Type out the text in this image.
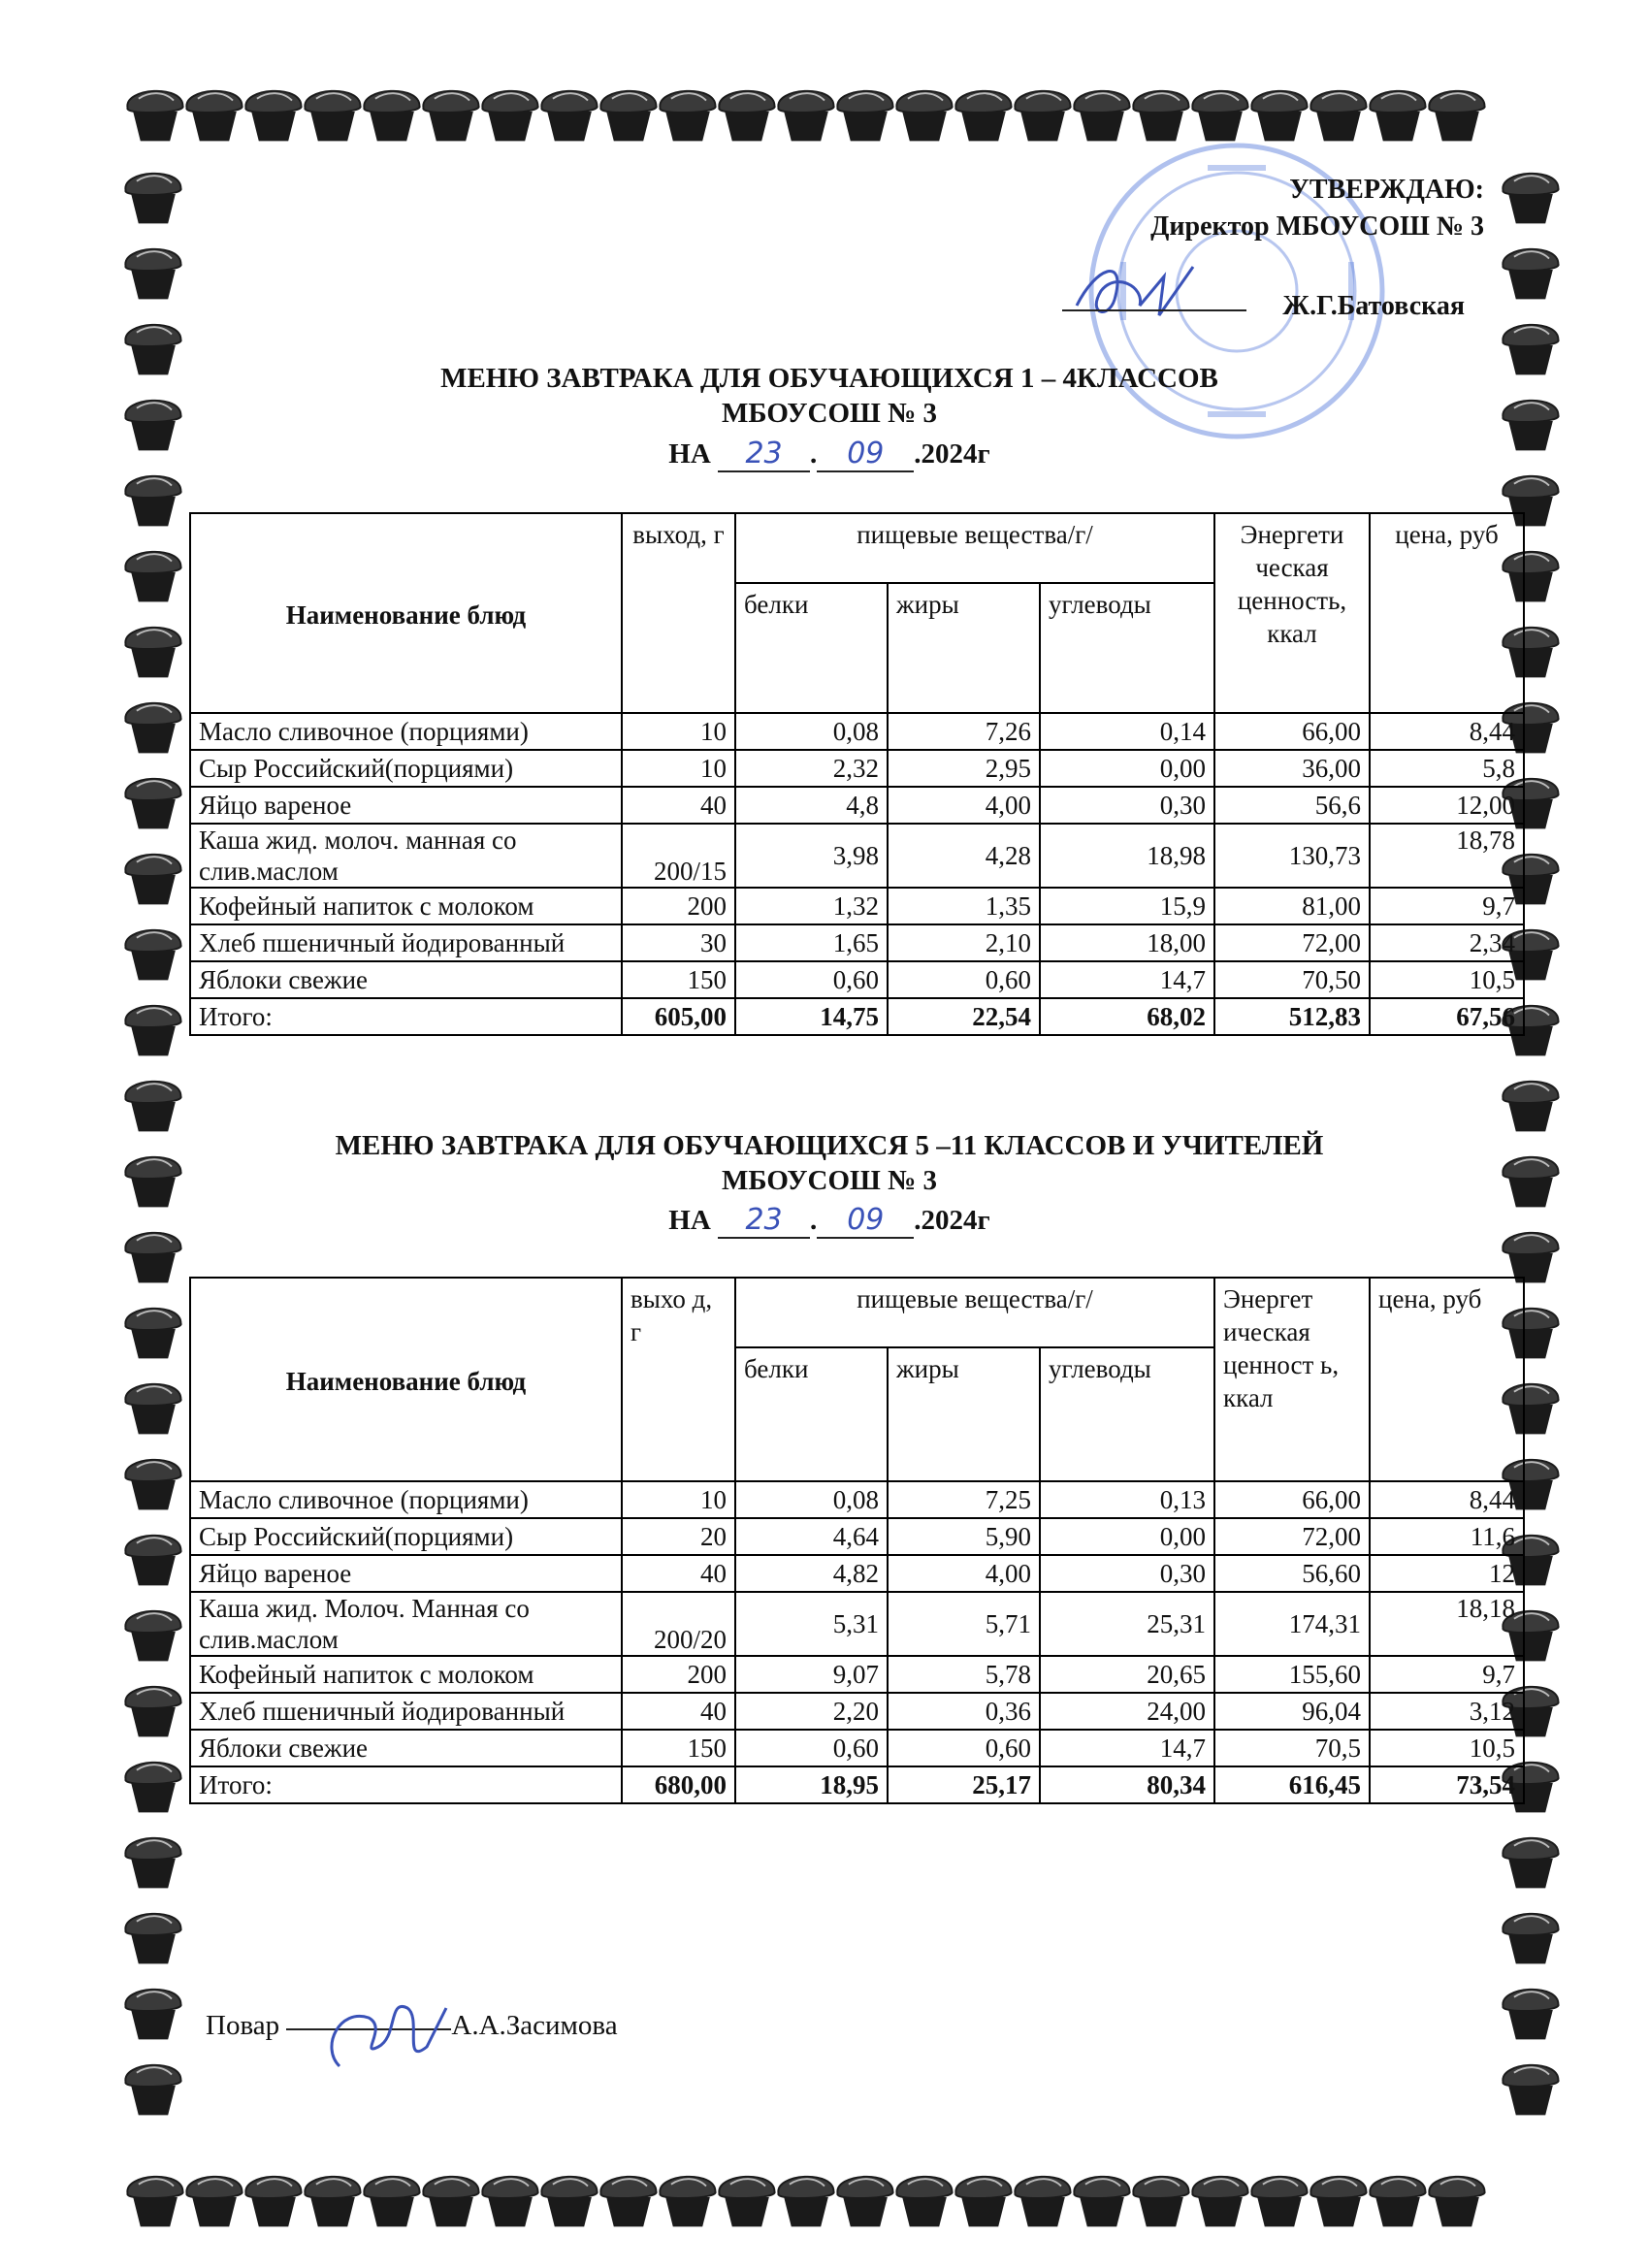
УТВЕРЖДАЮ:
Директор МБОУСОШ № 3
Ж.Г.Батовская
МЕНЮ ЗАВТРАКА ДЛЯ ОБУЧАЮЩИХСЯ 1 – 4КЛАССОВ
МБОУСОШ № 3
НА 23 . 09 .2024г
Наименование блюд	выход, г	пищевые вещества/г/			Энергети ческая ценность, ккал	цена, руб
		белки	жиры	углеводы		
Масло сливочное (порциями)	10	0,08	7,26	0,14	66,00	8,44
Сыр Российский(порциями)	10	2,32	2,95	0,00	36,00	5,8
Яйцо вареное	40	4,8	4,00	0,30	56,6	12,00
Каша жид. молоч. манная со слив.маслом	200/15	3,98	4,28	18,98	130,73	18,78
Кофейный напиток с молоком	200	1,32	1,35	15,9	81,00	9,7
Хлеб пшеничный йодированный	30	1,65	2,10	18,00	72,00	2,34
Яблоки свежие	150	0,60	0,60	14,7	70,50	10,5
Итого:	605,00	14,75	22,54	68,02	512,83	67,56
МЕНЮ ЗАВТРАКА ДЛЯ ОБУЧАЮЩИХСЯ 5 –11 КЛАССОВ И УЧИТЕЛЕЙ
МБОУСОШ № 3
НА 23 . 09 .2024г
Наименование блюд	выхо д, г	пищевые вещества/г/			Энергет ическая ценност ь, ккал	цена, руб
		белки	жиры	углеводы		
Масло сливочное (порциями)	10	0,08	7,25	0,13	66,00	8,44
Сыр Российский(порциями)	20	4,64	5,90	0,00	72,00	11,6
Яйцо вареное	40	4,82	4,00	0,30	56,60	12
Каша жид. Молоч. Манная со слив.маслом	200/20	5,31	5,71	25,31	174,31	18,18
Кофейный напиток с молоком	200	9,07	5,78	20,65	155,60	9,7
Хлеб пшеничный йодированный	40	2,20	0,36	24,00	96,04	3,12
Яблоки свежие	150	0,60	0,60	14,7	70,5	10,5
Итого:	680,00	18,95	25,17	80,34	616,45	73,54
Повар	А.А.Засимова
